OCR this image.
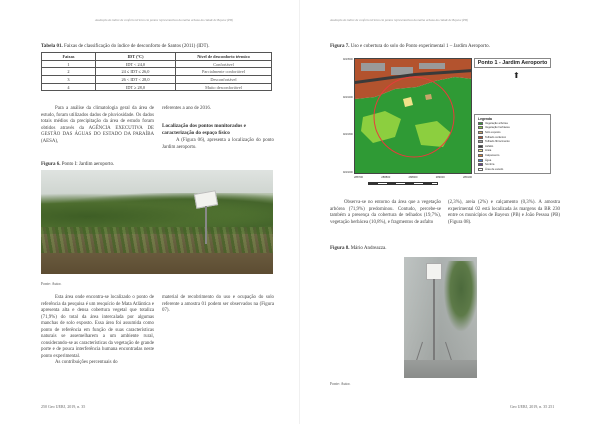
Avaliação do índice de conforto térmico em pontos representativos da malha urbana da cidade de Bayeux (PB)
Tabela 01. Faixas de classificação do índice de desconforto de Santos (2011) (IDT).
Faixas	IDT (ºC)	Nível de desconforto térmico
1	IDT < 24,0	Confortável
2	24 ≤ IDT ≤ 26,0	Parcialmente confortável
3	26 < IDT < 28,0	Desconfortável
4	IDT ≥ 28,0	Muito desconfortável

Para a análise da climatologia geral da área de estudo, foram utilizados dados de pluviosidade. Os dados totais médios da precipitação da área de estudo foram obtidos através da AGÊNCIA EXECUTIVA DE GESTÃO DAS ÁGUAS DO ESTADO DA PARAÍBA (AESA),

referentes a ano de 2016.

Localização dos pontos monitorados e caracterização do espaço físico

A (Figura 06), apresenta a localização do ponto Jardim aeroporto.

Figura 6. Ponto I: Jardim aeroporto.
Fonte: Autor.

Esta área onde encontra-se localizado o ponto de referência da pesquisa é um resquício de Mata Atlântica e apresenta alta e densa cobertura vegetal que totaliza (71,9%) do total da área intercalada por algumas manchas de solo exposto. Essa área foi assumida como ponto de referência em função de suas características naturais se assemelharem a um ambiente rural, considerando-se as características da vegetação de grande porte e de pouca interferência humana encontradas neste ponto experimental.

As contribuições percentuais do

material de recobrimento do uso e ocupação do solo referente a amostra 01 podem ser observados na (Figura 07).

250 Geo UERJ, 2019, n. 35
Avaliação do índice de conforto térmico em pontos representativos da malha urbana da cidade de Bayeux (PB)
Figura 7. Uso e cobertura do solo do Ponto experimental 1 – Jardim Aeroporto.
9213500
9213400
9213300
9213200
Ponto 1 - Jardim Aeroporto
⬆
Legenda
Vegetação arbórea
Vegetação herbácea
Solo exposto
Telhado cerâmico
Telhado fibrocimento
Asfalto
Areia
Calçamento
Água
Sombra
Área de estudo
288700	288800	288900	289000	289100

Observa-se no entorno da área que a vegetação arbórea (71,9%) predominou. Contudo, percebe-se também a presença da cobertura de telhados (19,7%), vegetação herbácea (10,8%), e fragmentos de asfalto

(2,3%), areia (2%) e calçamento (0,3%). A amostra experimental 02 está localizada às margens da BR 230 entre os municípios de Bayeux (PB) e João Pessoa (PB) (Figura 08).

Figura 8. Mário Andreazza.
Fonte: Autor.
Geo UERJ, 2019, n. 35 251
